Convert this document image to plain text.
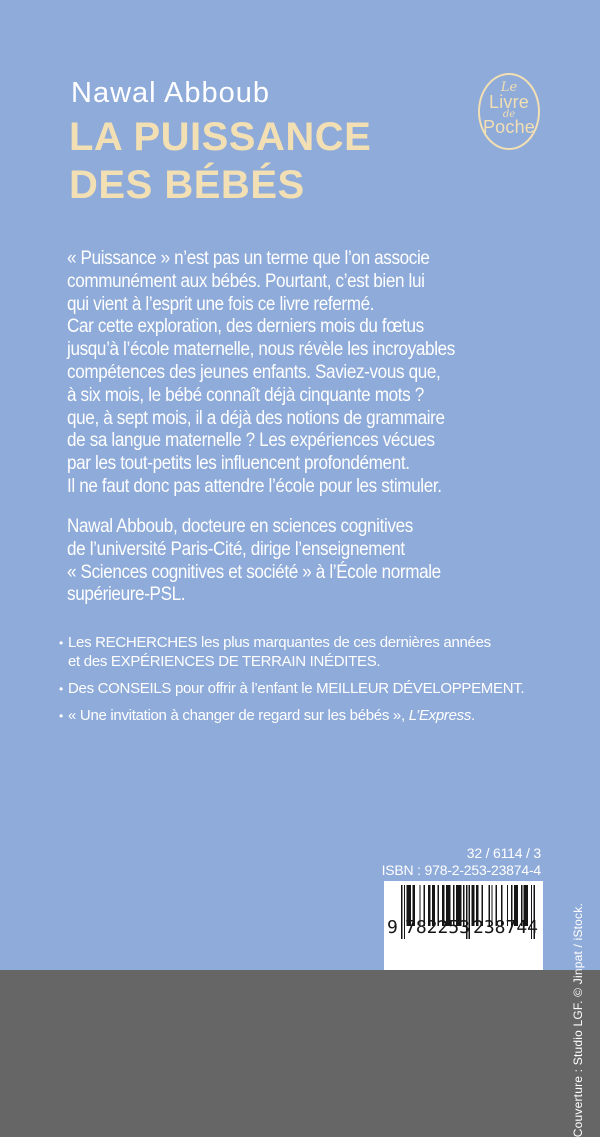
Nawal Abboub
LA PUISSANCE
DES BÉBÉS
Le
Livre
de
Poche
« Puissance » n’est pas un terme que l’on associe
communément aux bébés. Pourtant, c’est bien lui
qui vient à l’esprit une fois ce livre refermé.
Car cette exploration, des derniers mois du fœtus
jusqu’à l’école maternelle, nous révèle les incroyables
compétences des jeunes enfants. Saviez-vous que,
à six mois, le bébé connaît déjà cinquante mots ?
que, à sept mois, il a déjà des notions de grammaire
de sa langue maternelle ? Les expériences vécues
par les tout-petits les influencent profondément.
Il ne faut donc pas attendre l’école pour les stimuler.
Nawal Abboub, docteure en sciences cognitives
de l’université Paris-Cité, dirige l’enseignement
« Sciences cognitives et société » à l’École normale
supérieure-PSL.
• Les RECHERCHES les plus marquantes de ces dernières années
et des EXPÉRIENCES DE TERRAIN INÉDITES.
• Des CONSEILS pour offrir à l’enfant le MEILLEUR DÉVELOPPEMENT.
• « Une invitation à changer de regard sur les bébés », L’Express.
32 / 6114 / 3
ISBN : 978-2-253-23874-4
9 782253 238744	Couverture : Studio LGF. © Jinpat / iStock.
